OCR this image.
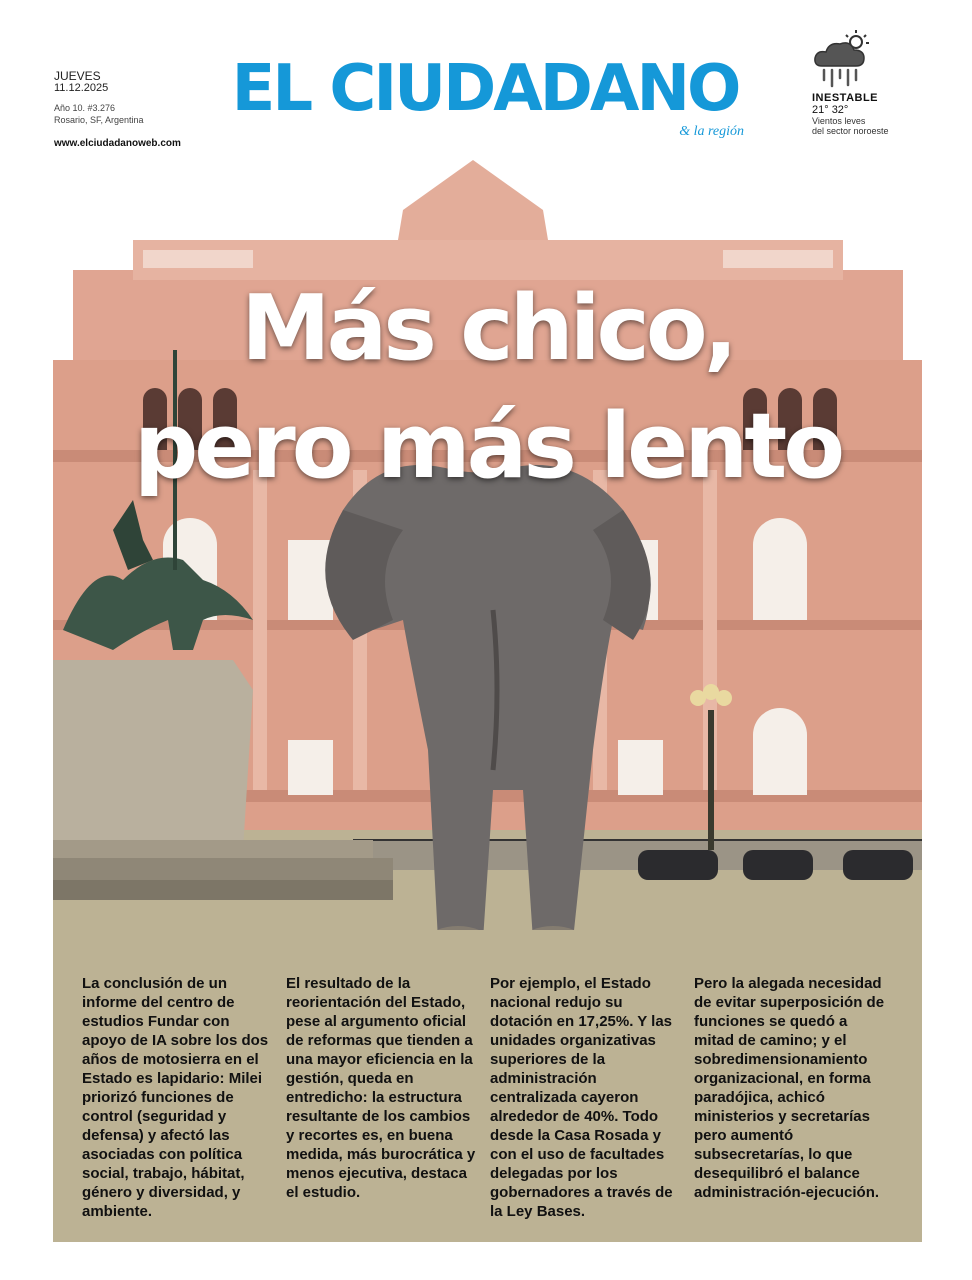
JUEVES
11.12.2025
Año 10. #3.276
Rosario, SF, Argentina
www.elciudadanoweb.com
EL CIUDADANO
& la región
INESTABLE
21° 32°
Vientos leves
del sector noroeste
Más chico,
pero más lento
La conclusión de un informe del centro de estudios Fundar con apoyo de IA sobre los dos años de motosierra en el Estado es lapidario: Milei priorizó funciones de control (seguridad y defensa) y afectó las asociadas con política social, trabajo, hábitat, género y diversidad, y ambiente.
El resultado de la reorientación del Estado, pese al argumento oficial de reformas que tienden a una mayor eficiencia en la gestión, queda en entredicho: la estructura resultante de los cambios y recortes es, en buena medida, más burocrática y menos ejecutiva, destaca el estudio.
Por ejemplo, el Estado nacional redujo su dotación en 17,25%. Y las unidades organizativas superiores de la administración centralizada cayeron alrededor de 40%. Todo desde la Casa Rosada y con el uso de facultades delegadas por los gobernadores a través de la Ley Bases.
Pero la alegada necesidad de evitar superposición de funciones se quedó a mitad de camino; y el sobredimensionamiento organizacional, en forma paradójica, achicó ministerios y secretarías pero aumentó subsecretarías, lo que desequilibró el balance administración-ejecución.
